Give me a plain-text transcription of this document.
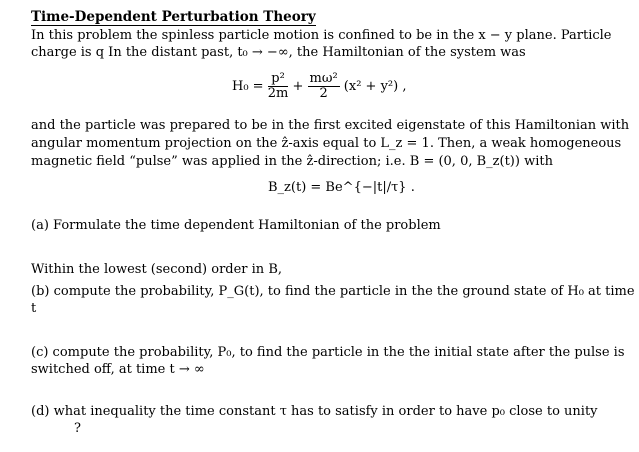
Time-Dependent Perturbation Theory
In this problem the spinless particle motion is confined to be in the x − y plane. Particle
charge is q In the distant past, t₀ → −∞, the Hamiltonian of the system was
$H_0 = \frac{\text{p²}}{2m} + \frac{\text{mω²}}{2} (x^2 + y^2)$ ,
and the particle was prepared to be in the first excited eigenstate of this Hamiltonian with
angular momentum projection on the ẑ-axis equal to L_z = 1. Then, a weak homogeneous
magnetic field “pulse” was applied in the ẑ-direction; i.e. B = (0, 0, B_z(t)) with
B_z(t) = Be^{−|t|/τ} .
(a) Formulate the time dependent Hamiltonian of the problem
Within the lowest (second) order in B,
(b) compute the probability, P_G(t), to find the particle in the the ground state of H₀ at time
t
(c) compute the probability, P₀, to find the particle in the the initial state after the pulse is
switched off, at time t → ∞
(d) what inequality the time constant τ has to satisfy in order to have p₀ close to unity
?
